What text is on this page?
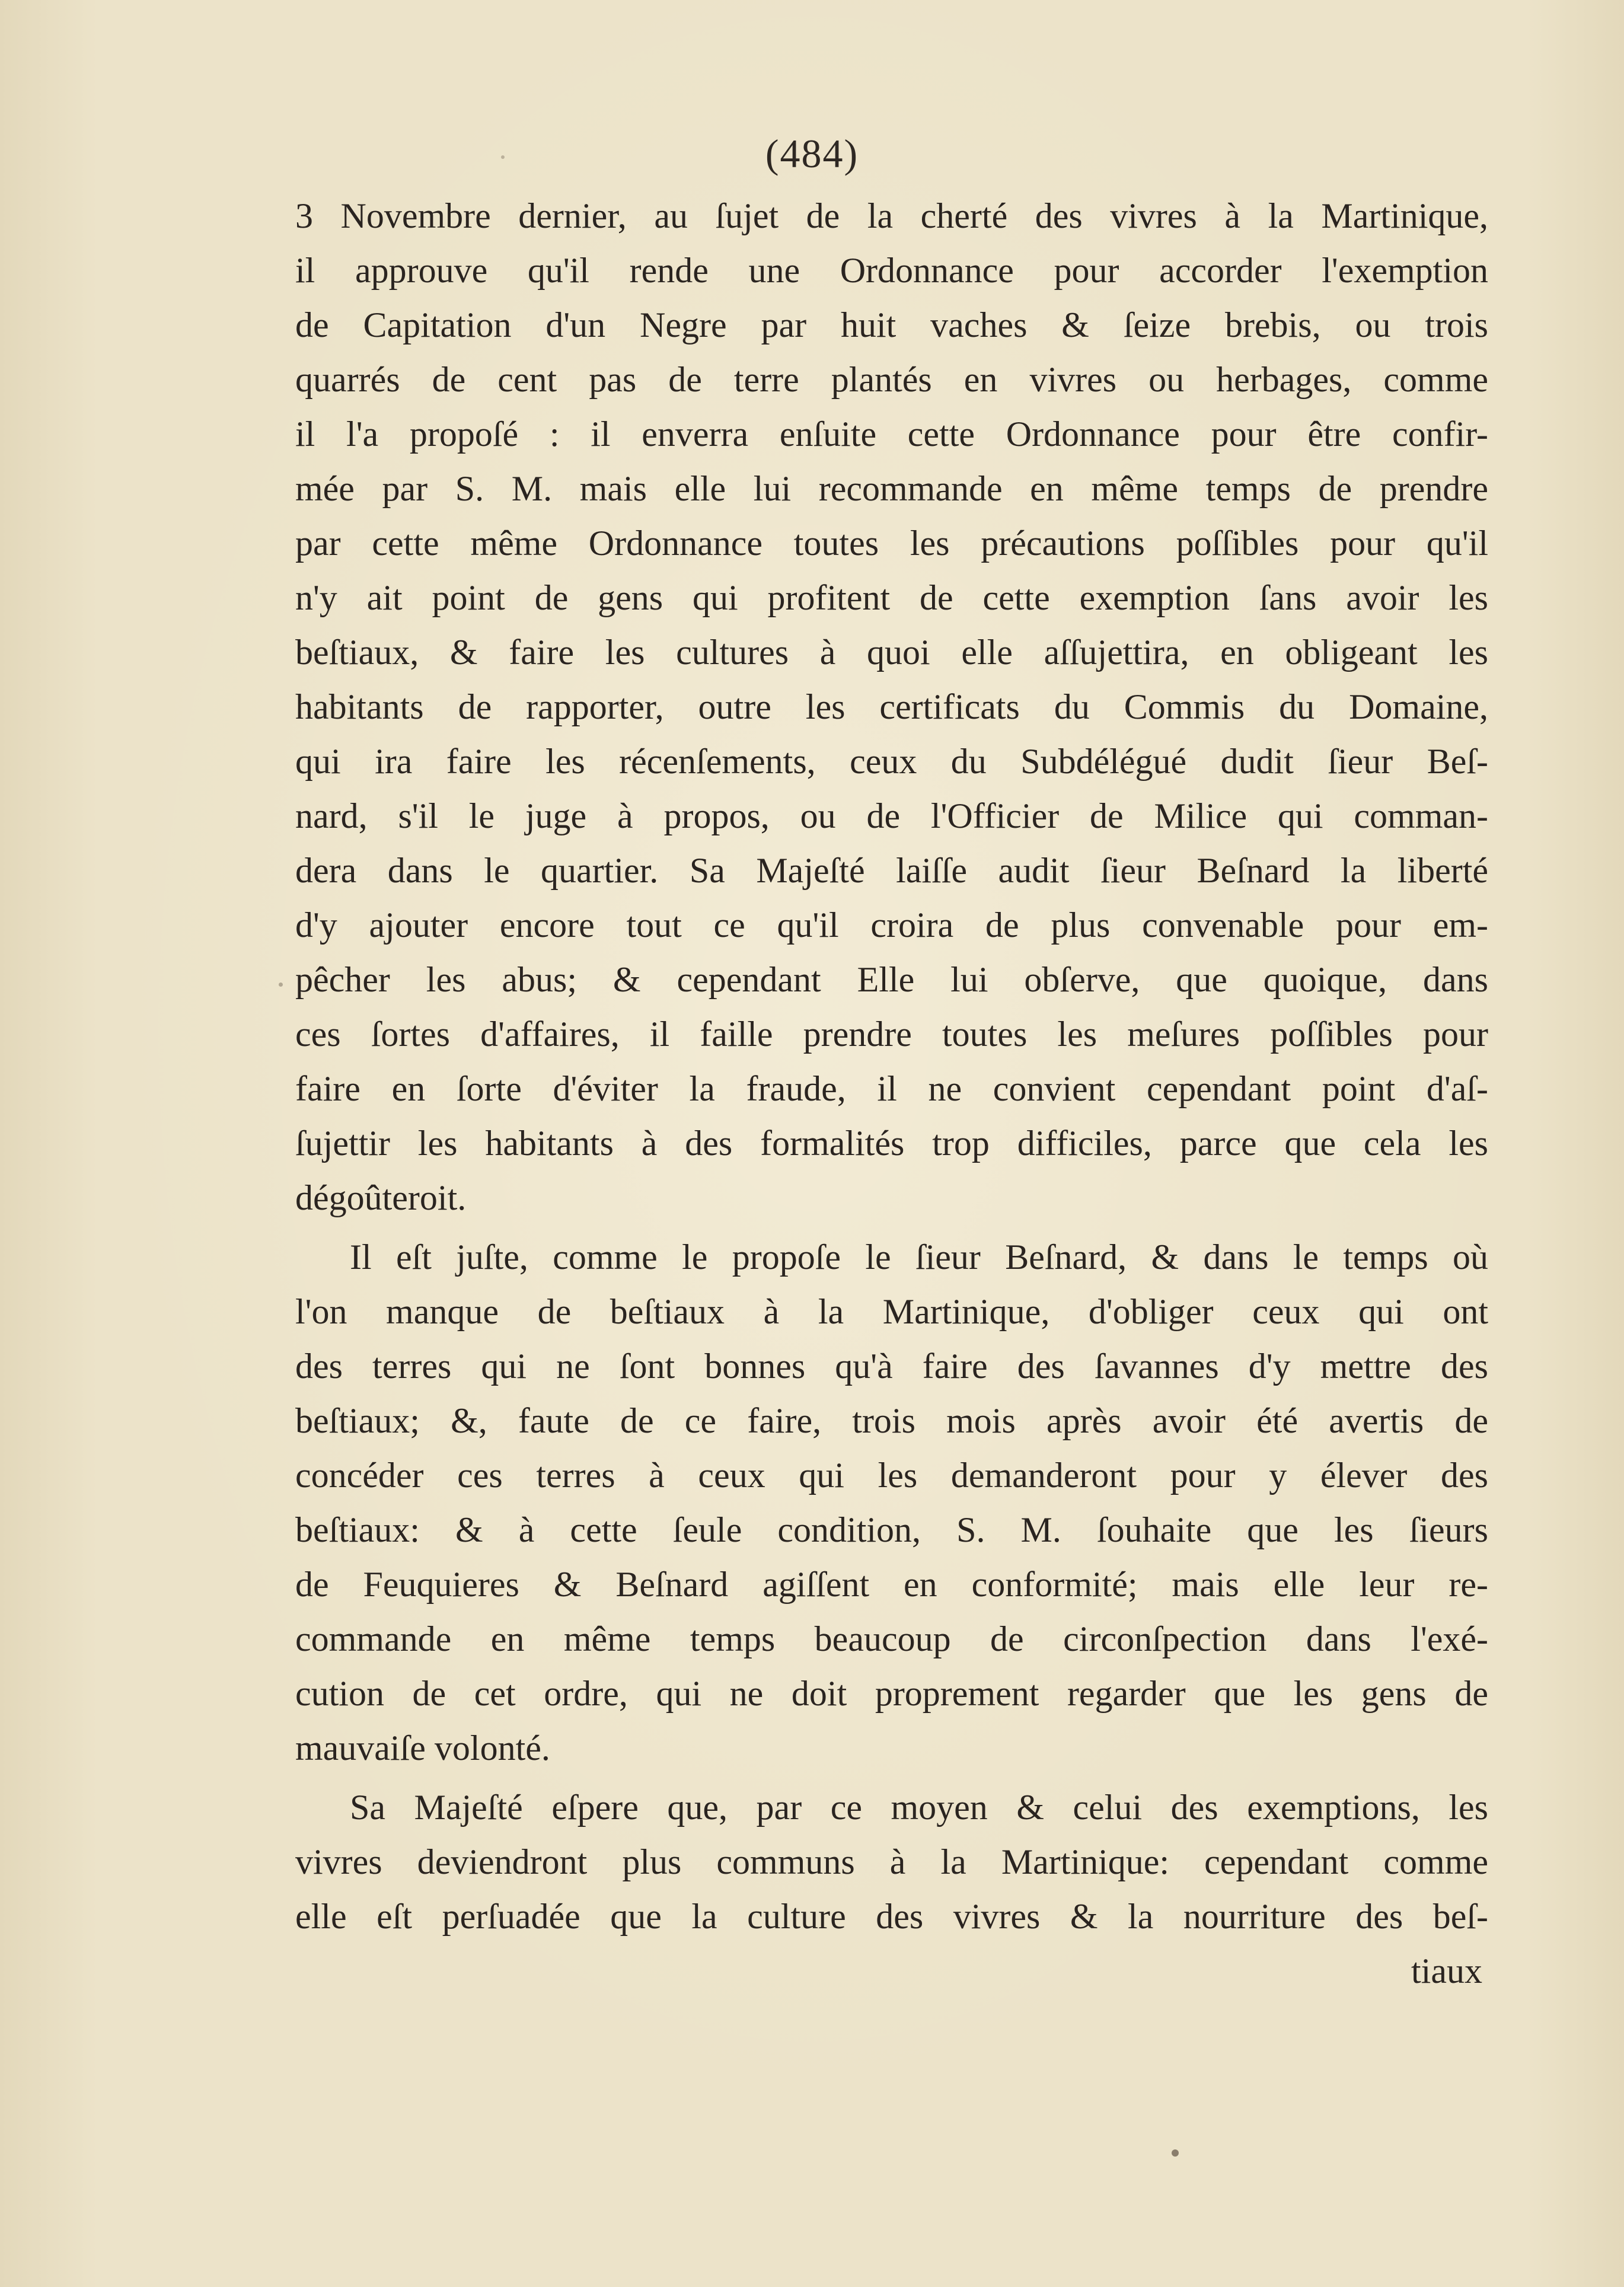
(484)
3 Novembre dernier, au ſujet de la cherté des vivres à la Martinique,
il approuve qu'il rende une Ordonnance pour accorder l'exemption
de Capitation d'un Negre par huit vaches & ſeize brebis, ou trois
quarrés de cent pas de terre plantés en vivres ou herbages, comme
il l'a propoſé : il enverra enſuite cette Ordonnance pour être confir-
mée par S. M. mais elle lui recommande en même temps de prendre
par cette même Ordonnance toutes les précautions poſſibles pour qu'il
n'y ait point de gens qui profitent de cette exemption ſans avoir les
beſtiaux, & faire les cultures à quoi elle aſſujettira, en obligeant les
habitants de rapporter, outre les certificats du Commis du Domaine,
qui ira faire les récenſements, ceux du Subdélégué dudit ſieur Beſ-
nard, s'il le juge à propos, ou de l'Officier de Milice qui comman-
dera dans le quartier. Sa Majeſté laiſſe audit ſieur Beſnard la liberté
d'y ajouter encore tout ce qu'il croira de plus convenable pour em-
pêcher les abus; & cependant Elle lui obſerve, que quoique, dans
ces ſortes d'affaires, il faille prendre toutes les meſures poſſibles pour
faire en ſorte d'éviter la fraude, il ne convient cependant point d'aſ-
ſujettir les habitants à des formalités trop difficiles, parce que cela les
dégoûteroit.
Il eſt juſte, comme le propoſe le ſieur Beſnard, & dans le temps où
l'on manque de beſtiaux à la Martinique, d'obliger ceux qui ont
des terres qui ne ſont bonnes qu'à faire des ſavannes d'y mettre des
beſtiaux; &, faute de ce faire, trois mois après avoir été avertis de
concéder ces terres à ceux qui les demanderont pour y élever des
beſtiaux: & à cette ſeule condition, S. M. ſouhaite que les ſieurs
de Feuquieres & Beſnard agiſſent en conformité; mais elle leur re-
commande en même temps beaucoup de circonſpection dans l'exé-
cution de cet ordre, qui ne doit proprement regarder que les gens de
mauvaiſe volonté.
Sa Majeſté eſpere que, par ce moyen & celui des exemptions, les
vivres deviendront plus communs à la Martinique: cependant comme
elle eſt perſuadée que la culture des vivres & la nourriture des beſ-
tiaux
